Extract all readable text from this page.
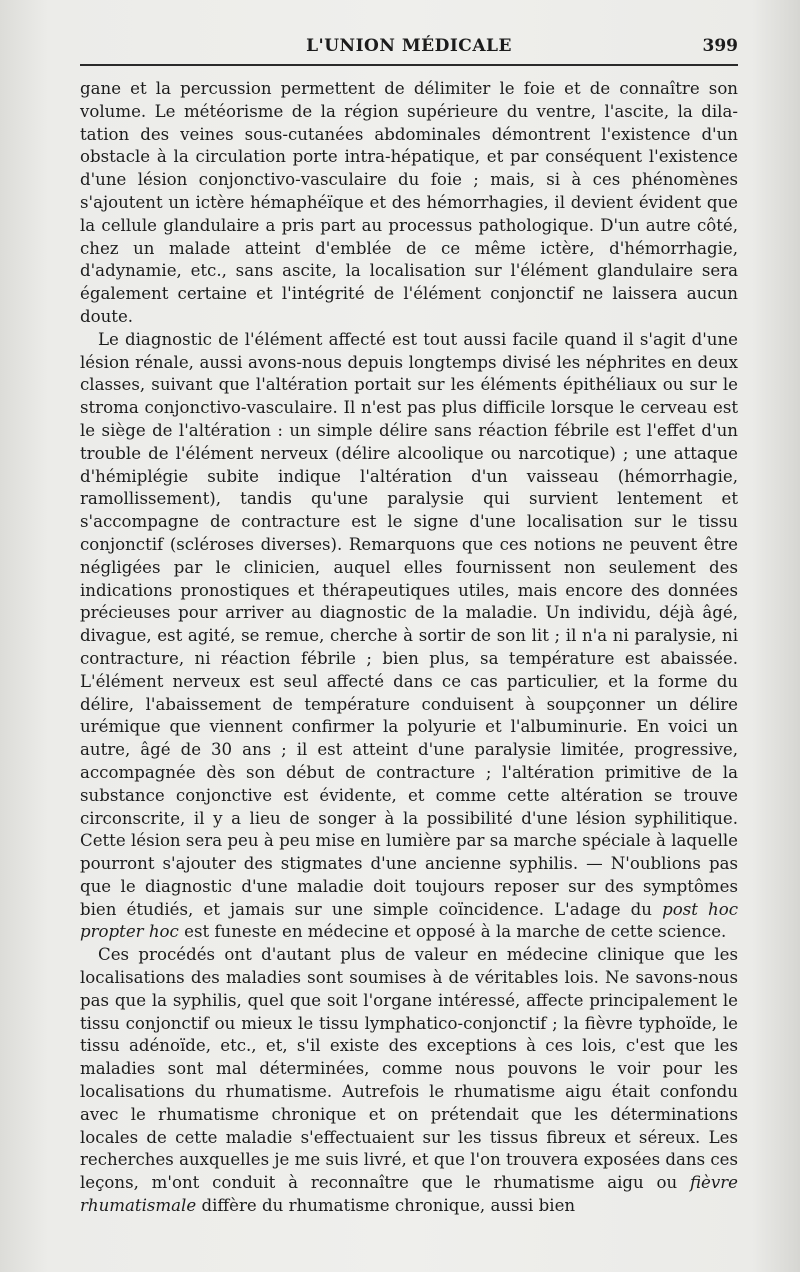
L'UNION MÉDICALE	399

gane et la percussion permettent de délimiter le foie et de connaître son volume. Le météorisme de la région supérieure du ventre, l'ascite, la dilatation des veines sous-cutanées abdominales démontrent l'existence d'un obstacle à la circulation porte intra-hépatique, et par conséquent l'existence d'une lésion conjonctivo-vasculaire du foie ; mais, si à ces phénomènes s'ajoutent un ictère hémaphéïque et des hémorrhagies, il devient évident que la cellule glandulaire a pris part au processus pathologique. D'un autre côté, chez un malade atteint d'emblée de ce même ictère, d'hémorrhagie, d'adynamie, etc., sans ascite, la localisation sur l'élément glandulaire sera également certaine et l'intégrité de l'élément conjonctif ne laissera aucun doute.

Le diagnostic de l'élément affecté est tout aussi facile quand il s'agit d'une lésion rénale, aussi avons-nous depuis longtemps divisé les néphrites en deux classes, suivant que l'altération portait sur les éléments épithéliaux ou sur le stroma conjonctivo-vasculaire. Il n'est pas plus difficile lorsque le cerveau est le siège de l'altération : un simple délire sans réaction fébrile est l'effet d'un trouble de l'élément nerveux (délire alcoolique ou narcotique) ; une attaque d'hémiplégie subite indique l'altération d'un vaisseau (hémorrhagie, ramollissement), tandis qu'une paralysie qui survient lentement et s'accompagne de contracture est le signe d'une localisation sur le tissu conjonctif (scléroses diverses). Remarquons que ces notions ne peuvent être négligées par le clinicien, auquel elles fournissent non seulement des indications pronostiques et thérapeutiques utiles, mais encore des données précieuses pour arriver au diagnostic de la maladie. Un individu, déjà âgé, divague, est agité, se remue, cherche à sortir de son lit ; il n'a ni paralysie, ni contracture, ni réaction fébrile ; bien plus, sa température est abaissée. L'élément nerveux est seul affecté dans ce cas particulier, et la forme du délire, l'abaissement de température conduisent à soupçonner un délire urémique que viennent confirmer la polyurie et l'albuminurie. En voici un autre, âgé de 30 ans ; il est atteint d'une paralysie limitée, progressive, accompagnée dès son début de contracture ; l'altération primitive de la substance conjonctive est évidente, et comme cette altération se trouve circonscrite, il y a lieu de songer à la possibilité d'une lésion syphilitique. Cette lésion sera peu à peu mise en lumière par sa marche spéciale à laquelle pourront s'ajouter des stigmates d'une ancienne syphilis. — N'oublions pas que le diagnostic d'une maladie doit toujours reposer sur des symptômes bien étudiés, et jamais sur une simple coïncidence. L'adage du post hoc propter hoc est funeste en médecine et opposé à la marche de cette science.

Ces procédés ont d'autant plus de valeur en médecine clinique que les localisations des maladies sont soumises à de véritables lois. Ne savons-nous pas que la syphilis, quel que soit l'organe intéressé, affecte principalement le tissu conjonctif ou mieux le tissu lymphatico-conjonctif ; la fièvre typhoïde, le tissu adénoïde, etc., et, s'il existe des exceptions à ces lois, c'est que les maladies sont mal déterminées, comme nous pouvons le voir pour les localisations du rhumatisme. Autrefois le rhumatisme aigu était confondu avec le rhumatisme chronique et on prétendait que les déterminations locales de cette maladie s'effectuaient sur les tissus fibreux et séreux. Les recherches auxquelles je me suis livré, et que l'on trouvera exposées dans ces leçons, m'ont conduit à reconnaître que le rhumatisme aigu ou fièvre rhumatismale diffère du rhumatisme chronique, aussi bien
